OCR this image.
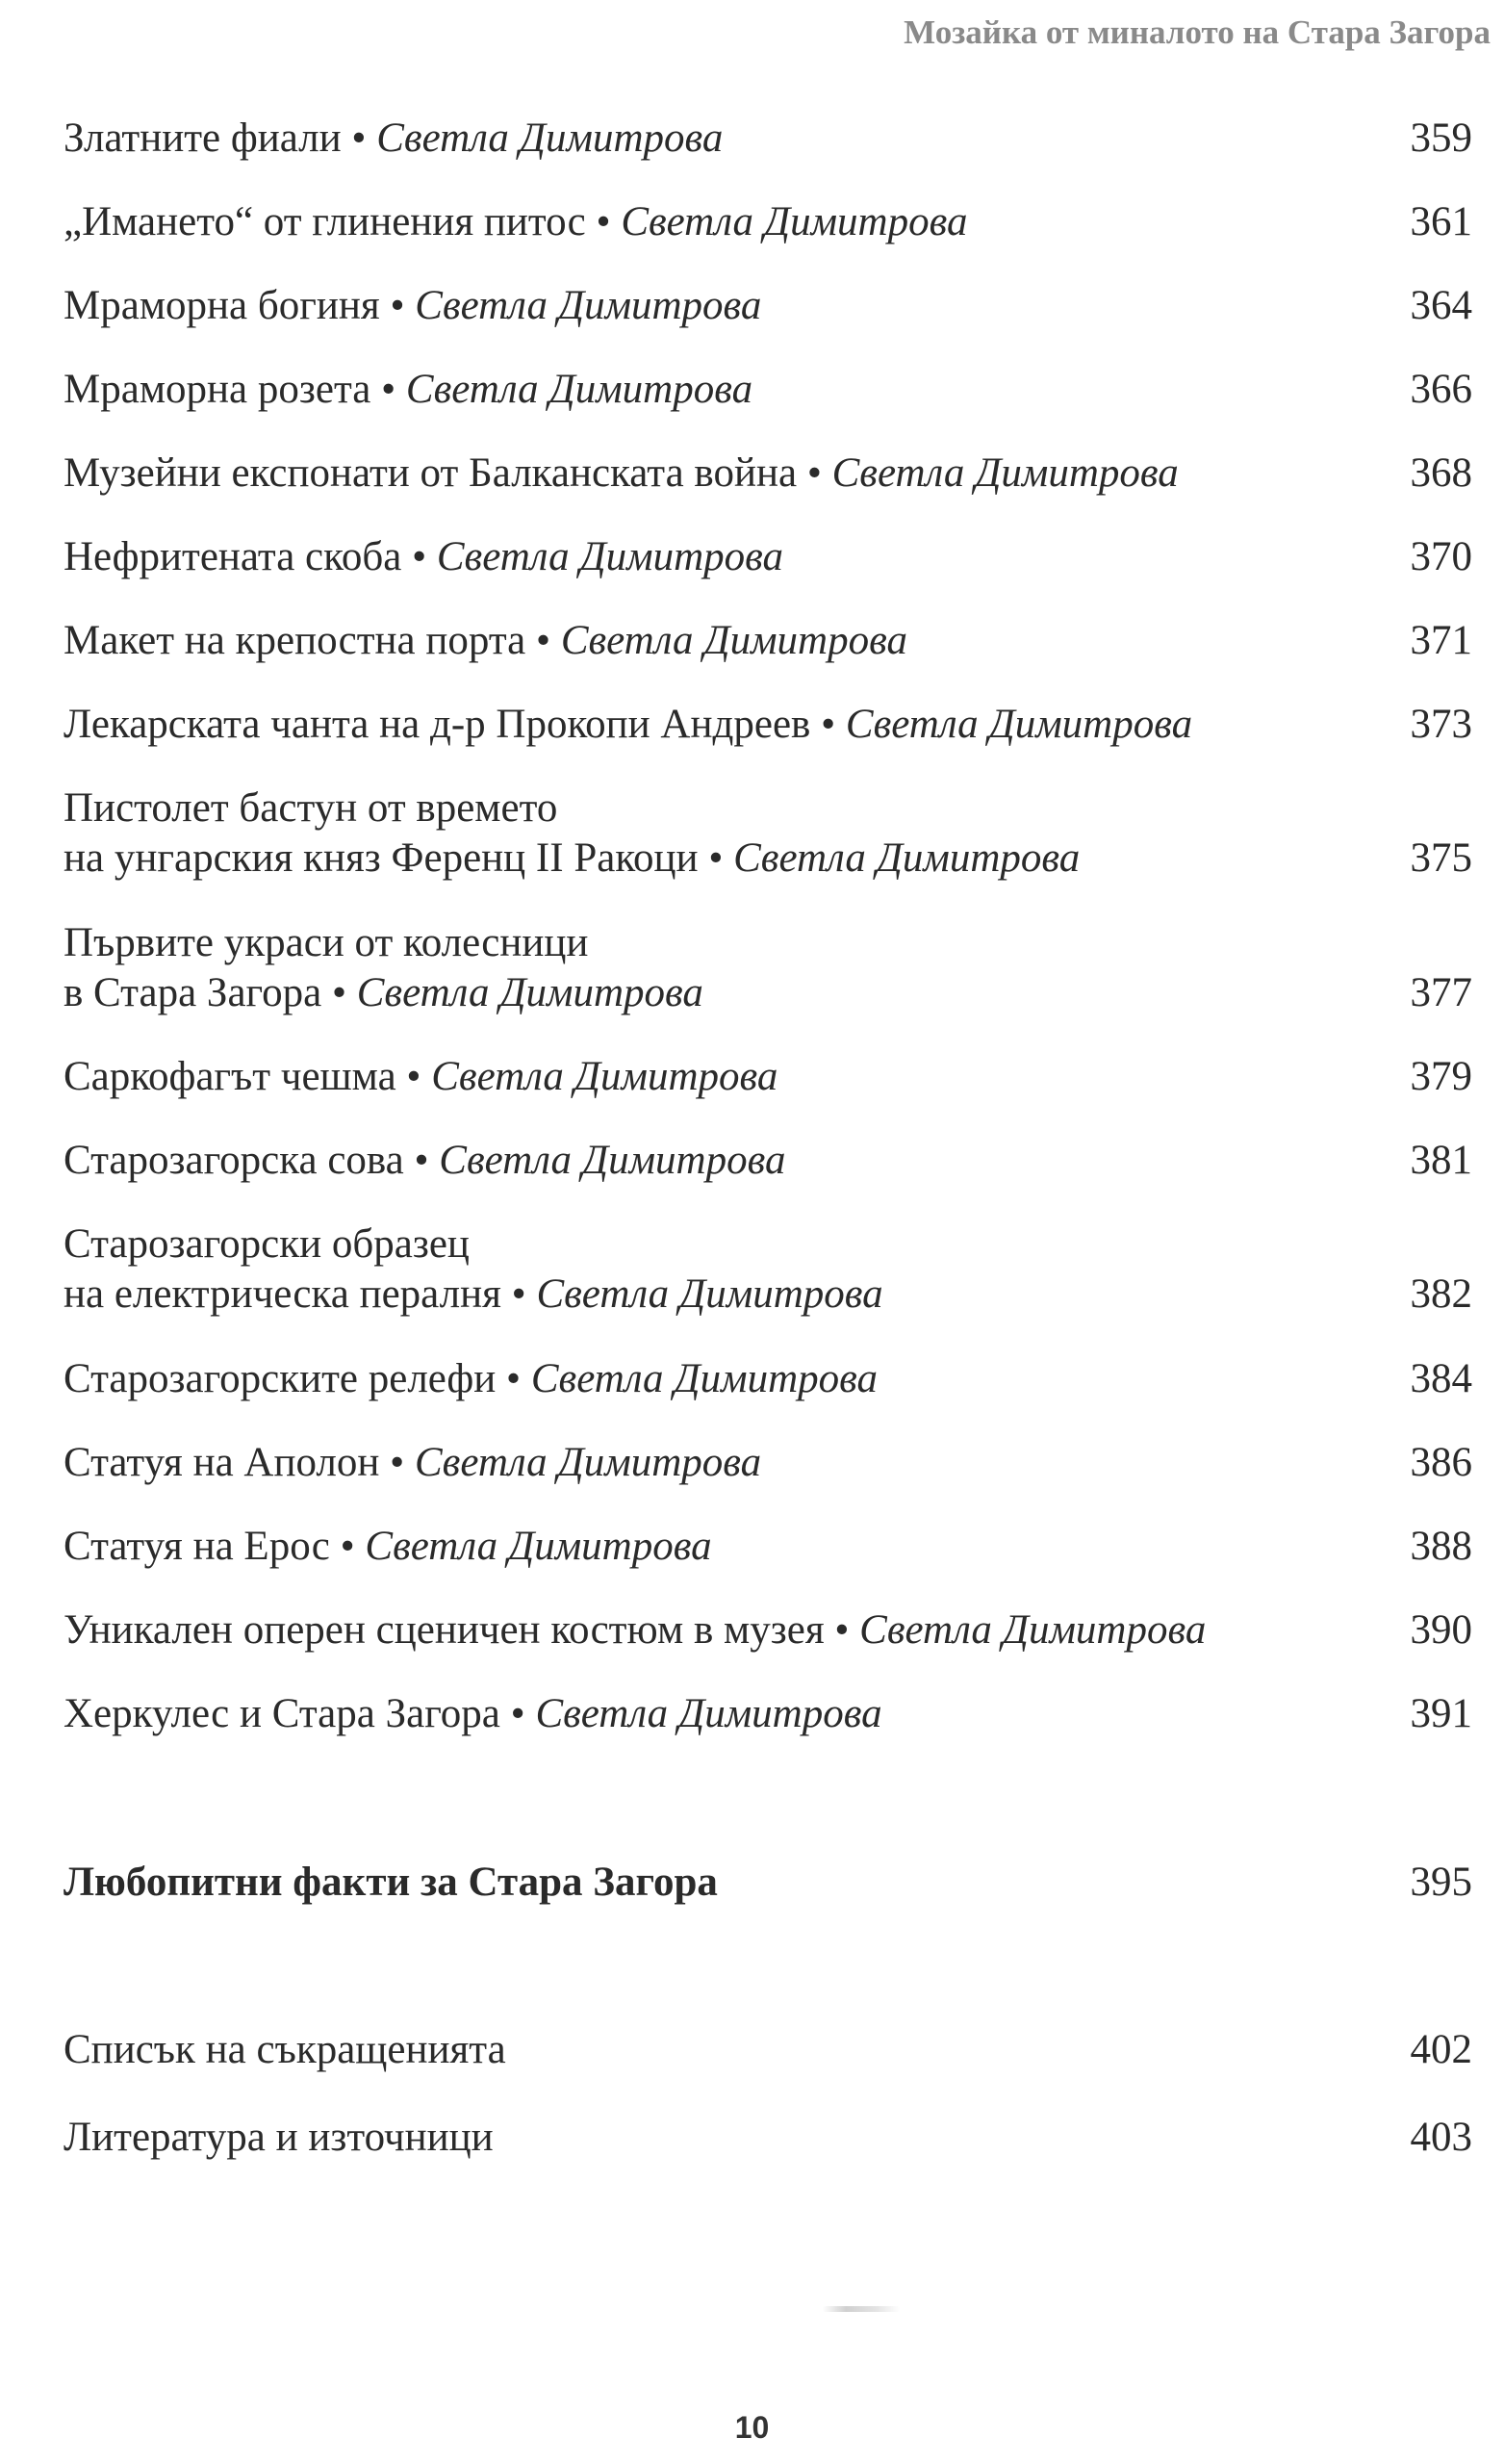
Мозайка от миналото на Стара Загора
Златните фиали • Светла Димитрова	359
„Имането“ от глинения питос • Светла Димитрова	361
Мраморна богиня • Светла Димитрова	364
Мраморна розета • Светла Димитрова	366
Музейни експонати от Балканската война • Светла Димитрова	368
Нефритената скоба • Светла Димитрова	370
Макет на крепостна порта • Светла Димитрова	371
Лекарската чанта на д-р Прокопи Андреев • Светла Димитрова	373
Пистолет бастун от времето
на унгарския княз Ференц II Ракоци • Светла Димитрова	375
Първите украси от колесници
в Стара Загора • Светла Димитрова	377
Саркофагът чешма • Светла Димитрова	379
Старозагорска сова • Светла Димитрова	381
Старозагорски образец
на електрическа пералня • Светла Димитрова	382
Старозагорските релефи • Светла Димитрова	384
Статуя на Аполон • Светла Димитрова	386
Статуя на Ерос • Светла Димитрова	388
Уникален оперен сценичен костюм в музея • Светла Димитрова	390
Херкулес и Стара Загора • Светла Димитрова	391
Любопитни факти за Стара Загора	395
Списък на съкращенията	402
Литература и източници	403
10
